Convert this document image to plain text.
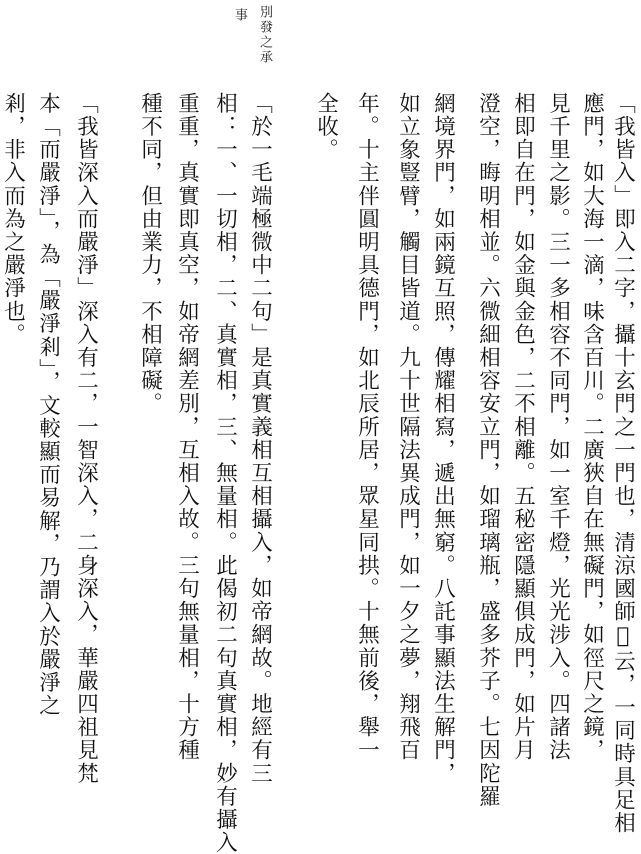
別發之承
事
「我皆入」即入二字，攝十玄門之一門也，清涼國師𠎝云，一同時具足相
應門，如大海一滴，味含百川。二廣狹自在無礙門，如徑尺之鏡，
見千里之影。三一多相容不同門，如一室千燈，光光涉入。四諸法
相即自在門，如金與金色，二不相離。五秘密隱顯俱成門，如片月
澄空，晦明相並。六微細相容安立門，如瑠璃瓶，盛多芥子。七因陀羅
網境界門，如兩鏡互照，傳耀相寫，遞出無窮。八託事顯法生解門，
如立象豎臂，觸目皆道。九十世隔法異成門，如一夕之夢，翔飛百
年。十主伴圓明具德門，如北辰所居，眾星同拱。十無前後，舉一
全收。
「於一毛端極微中二句」是真實義相互相攝入，如帝網故。地經有三
相：一、一切相，二、真實相，三、無量相。此偈初二句真實相，妙有攝入
重重，真實即真空，如帝網差別，互相入故。三句無量相，十方種
種不同，但由業力，不相障礙。
「我皆深入而嚴淨」深入有二，一智深入，二身深入，華嚴四祖見梵
本「而嚴淨」，為「嚴淨剎」，文較顯而易解，乃謂入於嚴淨之
剎，非入而為之嚴淨也。
